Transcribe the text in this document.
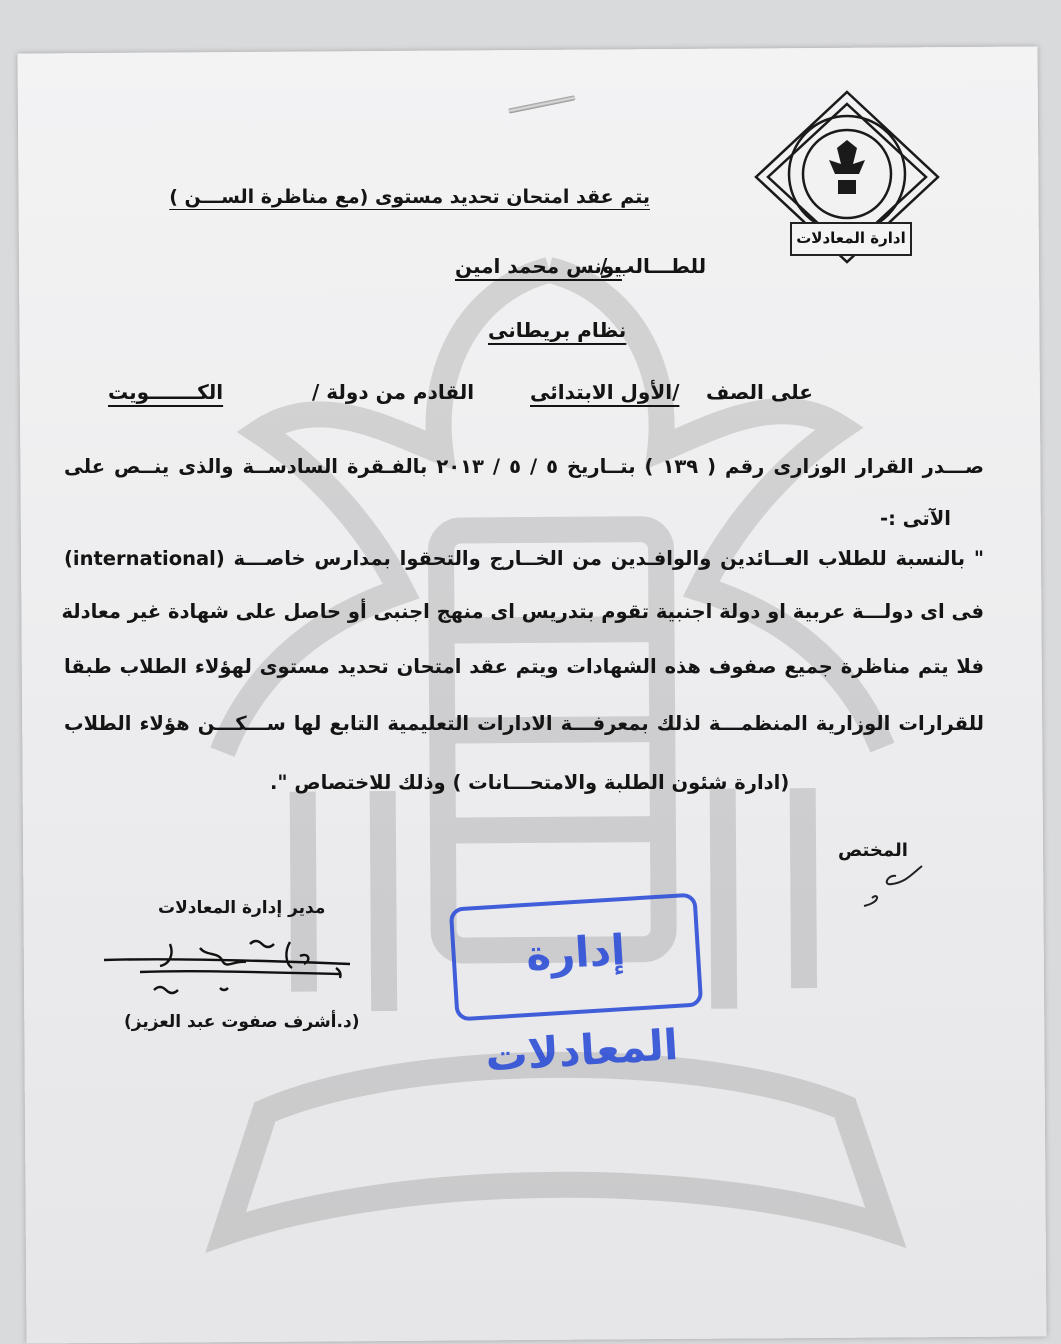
ادارة المعادلات
يتم عقد امتحان تحديد مستوى (مع مناظرة الســـن )
للطـــالب /
يونس محمد امين
نظام بريطانى
على الصف
/الأول الابتدائى
القادم من دولة /
الكـــــــويت
صـــدر القرار الوزارى رقم ( ١٣٩ ) بتــاريخ ٥ / ٥ / ٢٠١٣ بالفـقرة السادســة والذى ينــص على
الآتى :-
" بالنسبة للطلاب العــائدين والوافـدين من الخــارج والتحقوا بمدارس خاصـــة (international)
فى اى دولـــة عربية او دولة اجنبية تقوم بتدريس اى منهج اجنبى أو حاصل على شهادة غير معادلة
فلا يتم مناظرة جميع صفوف هذه الشهادات ويتم عقد امتحان تحديد مستوى لهؤلاء الطلاب طبقا
للقرارات الوزارية المنظمـــة لذلك بمعرفـــة الادارات التعليمية التابع لها ســـكـــن هؤلاء الطلاب
(ادارة شئون الطلبة والامتحـــانات ) وذلك للاختصاص ".
المختص
مدير إدارة المعادلات
(د.أشرف صفوت عبد العزيز)
إدارة المعادلات
